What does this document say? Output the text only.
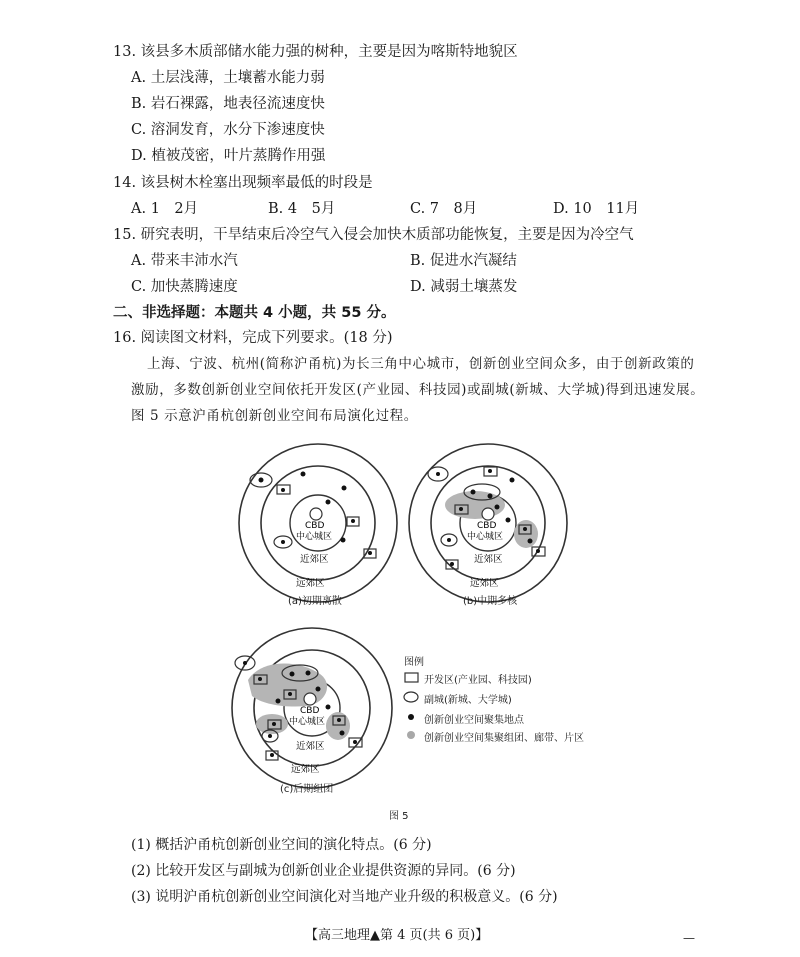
13. 该县多木质部储水能力强的树种，主要是因为喀斯特地貌区
A. 土层浅薄，土壤蓄水能力弱
B. 岩石裸露，地表径流速度快
C. 溶洞发育，水分下渗速度快
D. 植被茂密，叶片蒸腾作用强
14. 该县树木栓塞出现频率最低的时段是
A. 1　2月	B. 4　5月	C. 7　8月	D. 10　11月
15. 研究表明，干旱结束后冷空气入侵会加快木质部功能恢复，主要是因为冷空气
A. 带来丰沛水汽	B. 促进水汽凝结
C. 加快蒸腾速度	D. 减弱土壤蒸发
二、非选择题：本题共 4 小题，共 55 分。
16. 阅读图文材料，完成下列要求。(18 分)
上海、宁波、杭州(简称沪甬杭)为长三角中心城市，创新创业空间众多，由于创新政策的
激励，多数创新创业空间依托开发区(产业园、科技园)或副城(新城、大学城)得到迅速发展。
图 5 示意沪甬杭创新创业空间布局演化过程。
CBD
中心城区
近郊区
远郊区
CBD
中心城区
近郊区
远郊区
CBD
中心城区
近郊区
远郊区
(a)初期离散	(b)中期多核
(c)后期组团
图例
开发区(产业园、科技园)
副城(新城、大学城)
创新创业空间聚集地点
创新创业空间集聚组团、廊带、片区
图 5
(1) 概括沪甬杭创新创业空间的演化特点。(6 分)
(2) 比较开发区与副城为创新创业企业提供资源的异同。(6 分)
(3) 说明沪甬杭创新创业空间演化对当地产业升级的积极意义。(6 分)
【高三地理▲第 4 页(共 6 页)】	—
